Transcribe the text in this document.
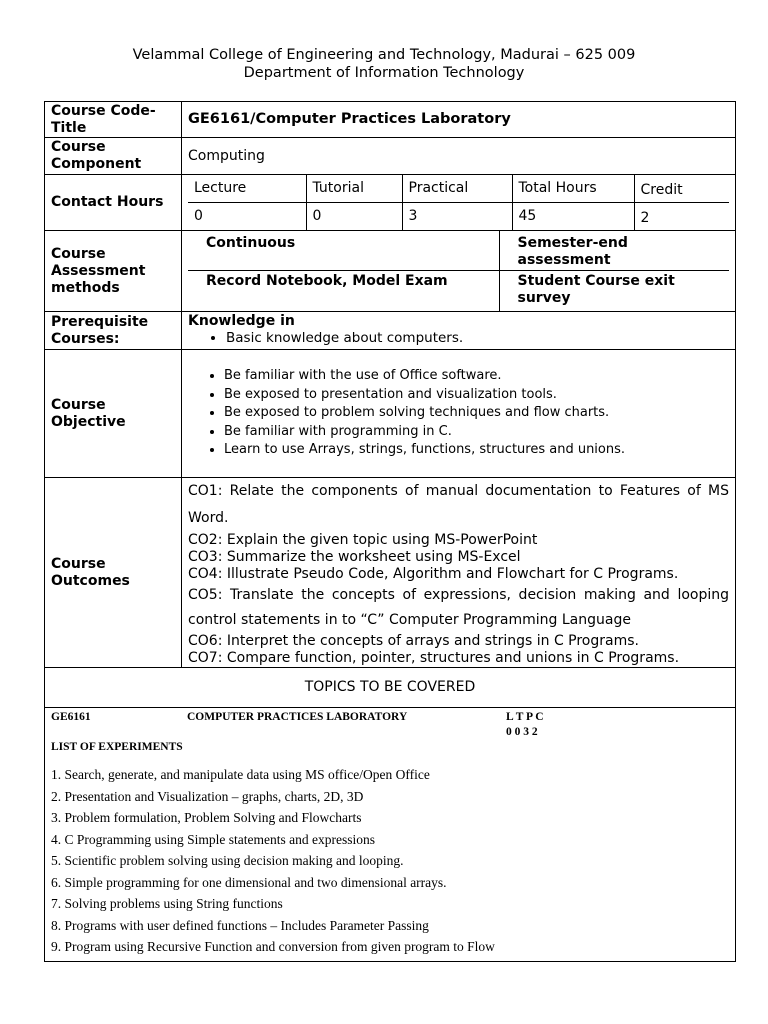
Velammal College of Engineering and Technology, Madurai – 625 009
Department of Information Technology
Course Code-Title	GE6161/Computer Practices Laboratory
Course Component	Computing
Contact Hours	
Lecture	Tutorial	Practical	Total Hours	Credit
0	0	3	45	2

Course Assessment methods	
Continuous	Semester-end assessment
Record Notebook, Model Exam	Student Course exit survey

Prerequisite Courses:	
Knowledge in
• Basic knowledge about computers.

Course Objective	
• Be familiar with the use of Office software.
• Be exposed to presentation and visualization tools.
• Be exposed to problem solving techniques and flow charts.
• Be familiar with programming in C.
• Learn to use Arrays, strings, functions, structures and unions.

Course Outcomes	
CO1: Relate the components of manual documentation to Features of MS Word.
CO2: Explain the given topic using MS-PowerPoint
CO3: Summarize the worksheet using MS-Excel
CO4: Illustrate Pseudo Code, Algorithm and Flowchart for C Programs.
CO5: Translate the concepts of expressions, decision making and looping control statements in to “C” Computer Programming Language
CO6: Interpret the concepts of arrays and strings in C Programs.
CO7: Compare function, pointer, structures and unions in C Programs.

TOPICS TO BE COVERED

GE6161	COMPUTER PRACTICES LABORATORY	L T P C
0 0 3 2
LIST OF EXPERIMENTS
1. Search, generate, and manipulate data using MS office/Open Office
2. Presentation and Visualization – graphs, charts, 2D, 3D
3. Problem formulation, Problem Solving and Flowcharts
4. C Programming using Simple statements and expressions
5. Scientific problem solving using decision making and looping.
6. Simple programming for one dimensional and two dimensional arrays.
7. Solving problems using String functions
8. Programs with user defined functions – Includes Parameter Passing
9. Program using Recursive Function and conversion from given program to Flow
